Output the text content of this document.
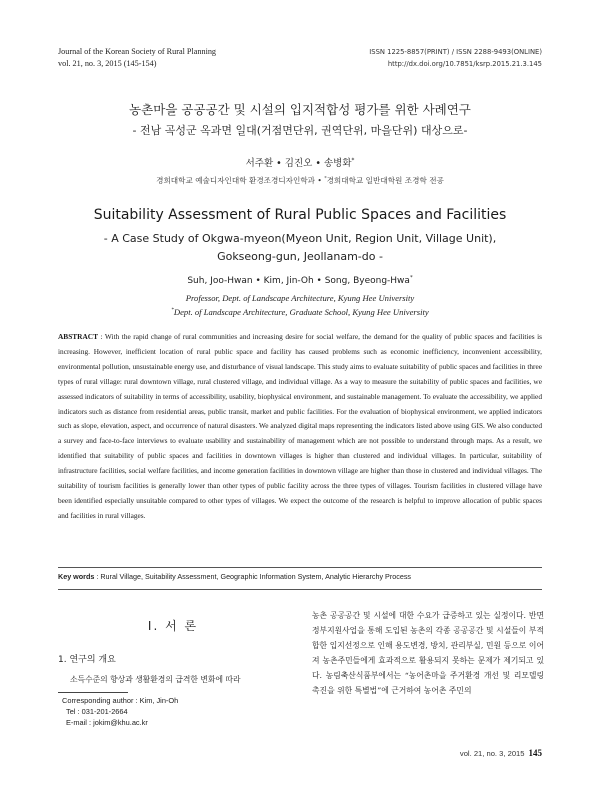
Journal of the Korean Society of Rural Planning
vol. 21, no. 3, 2015 (145-154)
ISSN 1225-8857(PRINT) / ISSN 2288-9493(ONLINE)
http://dx.doi.org/10.7851/ksrp.2015.21.3.145
농촌마을 공공공간 및 시설의 입지적합성 평가를 위한 사례연구
- 전남 곡성군 옥과면 일대(거점면단위, 권역단위, 마을단위) 대상으로-
서주환 • 김진오 • 송병화*
경희대학교 예술디자인대학 환경조경디자인학과 • *경희대학교 일반대학원 조경학 전공
Suitability Assessment of Rural Public Spaces and Facilities
- A Case Study of Okgwa-myeon(Myeon Unit, Region Unit, Village Unit),
Gokseong-gun, Jeollanam-do -
Suh, Joo-Hwan • Kim, Jin-Oh • Song, Byeong-Hwa*
Professor, Dept. of Landscape Architecture, Kyung Hee University
*Dept. of Landscape Architecture, Graduate School, Kyung Hee University
ABSTRACT : With the rapid change of rural communities and increasing desire for social welfare, the demand for the quality of public spaces and facilities is increasing. However, inefficient location of rural public space and facility has caused problems such as economic inefficiency, inconvenient accessibility, environmental pollution, unsustainable energy use, and disturbance of visual landscape. This study aims to evaluate suitability of public spaces and facilities in three types of rural village: rural downtown village, rural clustered village, and individual village. As a way to measure the suitability of public spaces and facilities, we assessed indicators of suitability in terms of accessibility, usability, biophysical environment, and sustainable management. To evaluate the accessibility, we applied indicators such as distance from residential areas, public transit, market and public facilities. For the evaluation of biophysical environment, we applied indicators such as slope, elevation, aspect, and occurrence of natural disasters. We analyzed digital maps representing the indicators listed above using GIS. We also conducted a survey and face-to-face interviews to evaluate usability and sustainability of management which are not possible to understand through maps. As a result, we identified that suitability of public spaces and facilities in downtown villages is higher than clustered and individual villages. In particular, suitability of infrastructure facilities, social welfare facilities, and income generation facilities in downtown village are higher than those in clustered and individual villages. The suitability of tourism facilities is generally lower than other types of public facility across the three types of villages. Tourism facilities in clustered village have been identified especially unsuitable compared to other types of villages. We expect the outcome of the research is helpful to improve allocation of public spaces and facilities in rural villages.
Key words : Rural Village, Suitability Assessment, Geographic Information System, Analytic Hierarchy Process
I. 서 론
1. 연구의 개요
소득수준의 향상과 생활환경의 급격한 변화에 따라
Corresponding author : Kim, Jin-Oh
Tel : 031-201-2664
E-mail : jokim@khu.ac.kr
농촌 공공공간 및 시설에 대한 수요가 급증하고 있는 실정이다. 반면 정부지원사업을 통해 도입된 농촌의 각종 공공공간 및 시설들이 부적합한 입지선정으로 인해 용도변경, 방치, 관리부실, 민원 등으로 이어져 농촌주민들에게 효과적으로 활용되지 못하는 문제가 제기되고 있다. 농림축산식품부에서는 “농어촌마을 주거환경 개선 및 리모델링 촉진을 위한 특별법”에 근거하여 농어촌 주민의
vol. 21, no. 3, 2015 145
